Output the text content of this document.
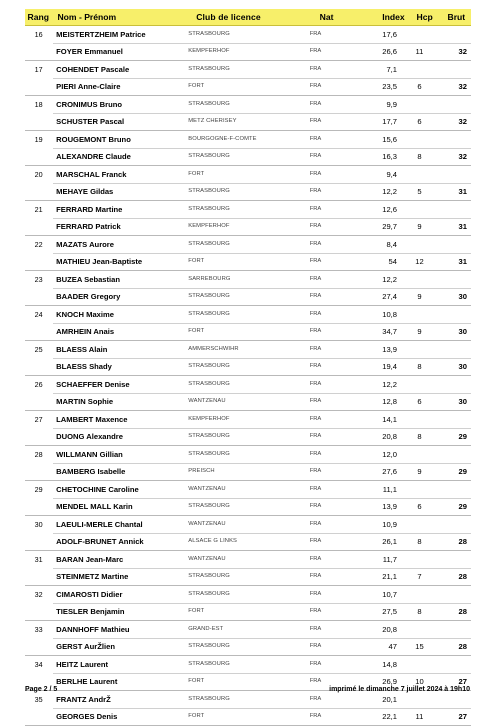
Rang Nom - Prénom	Club de licence	Nat	Index	Hcp	Brut
16	MEISTERTZHEIM Patrice	STRASBOURG	FRA	17,6
FOYER Emmanuel	KEMPFERHOF	FRA	26,6	11	32
17	COHENDET Pascale	STRASBOURG	FRA	7,1
PIERI Anne-Claire	FORT	FRA	23,5	6	32
18	CRONIMUS Bruno	STRASBOURG	FRA	9,9
SCHUSTER Pascal	METZ CHERISEY	FRA	17,7	6	32
19	ROUGEMONT Bruno	BOURGOGNE-F-COMTE	FRA	15,6
ALEXANDRE Claude	STRASBOURG	FRA	16,3	8	32
20	MARSCHAL Franck	FORT	FRA	9,4
MEHAYE Gildas	STRASBOURG	FRA	12,2	5	31
21	FERRARD Martine	STRASBOURG	FRA	12,6
FERRARD Patrick	KEMPFERHOF	FRA	29,7	9	31
22	MAZATS Aurore	STRASBOURG	FRA	8,4
MATHIEU Jean-Baptiste	FORT	FRA	54	12	31
23	BUZEA Sebastian	SARREBOURG	FRA	12,2
BAADER Gregory	STRASBOURG	FRA	27,4	9	30
24	KNOCH Maxime	STRASBOURG	FRA	10,8
AMRHEIN Anais	FORT	FRA	34,7	9	30
25	BLAESS Alain	AMMERSCHWIHR	FRA	13,9
BLAESS Shady	STRASBOURG	FRA	19,4	8	30
26	SCHAEFFER Denise	STRASBOURG	FRA	12,2
MARTIN Sophie	WANTZENAU	FRA	12,8	6	30
27	LAMBERT Maxence	KEMPFERHOF	FRA	14,1
DUONG Alexandre	STRASBOURG	FRA	20,8	8	29
28	WILLMANN Gillian	STRASBOURG	FRA	12,0
BAMBERG Isabelle	PREISCH	FRA	27,6	9	29
29	CHETOCHINE Caroline	WANTZENAU	FRA	11,1
MENDEL MALL Karin	STRASBOURG	FRA	13,9	6	29
30	LAEULI-MERLE Chantal	WANTZENAU	FRA	10,9
ADOLF-BRUNET Annick	ALSACE G LINKS	FRA	26,1	8	28
31	BARAN Jean-Marc	WANTZENAU	FRA	11,7
STEINMETZ Martine	STRASBOURG	FRA	21,1	7	28
32	CIMAROSTI Didier	STRASBOURG	FRA	10,7
TIESLER Benjamin	FORT	FRA	27,5	8	28
33	DANNHOFF Mathieu	GRAND-EST	FRA	20,8
GERST AurŽlien	STRASBOURG	FRA	47	15	28
34	HEITZ Laurent	STRASBOURG	FRA	14,8
BERLHE Laurent	FORT	FRA	26,9	10	27
35	FRANTZ AndrŽ	STRASBOURG	FRA	20,1
GEORGES Denis	FORT	FRA	22,1	11	27
Page 2 / 5	imprimé le dimanche 7 juillet 2024 à 19h10
